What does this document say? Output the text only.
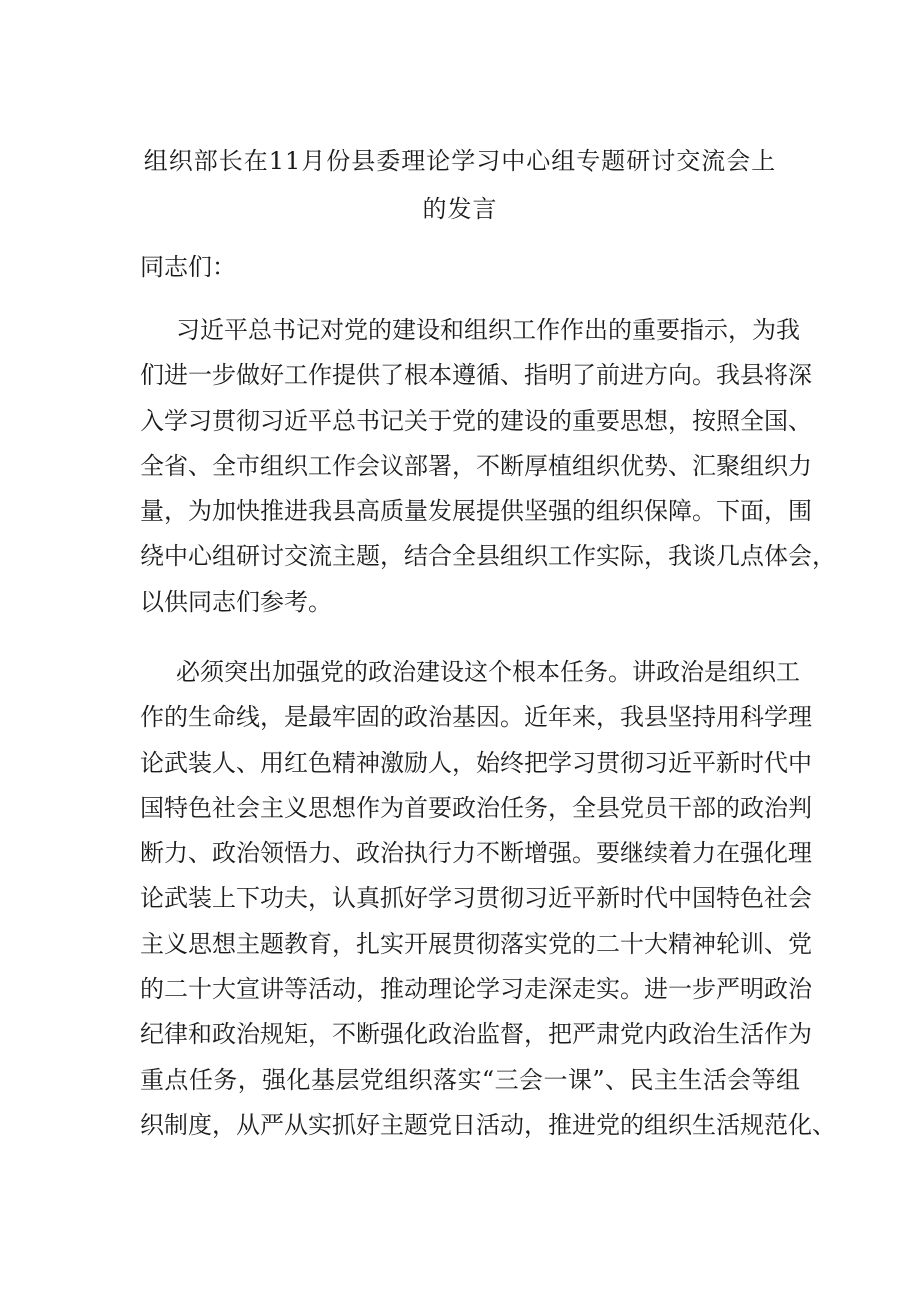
组织部长在11月份县委理论学习中心组专题研讨交流会上
的发言
同志们：
习近平总书记对党的建设和组织工作作出的重要指示，为我
们进一步做好工作提供了根本遵循、指明了前进方向。我县将深
入学习贯彻习近平总书记关于党的建设的重要思想，按照全国、
全省、全市组织工作会议部署，不断厚植组织优势、汇聚组织力
量，为加快推进我县高质量发展提供坚强的组织保障。下面，围
绕中心组研讨交流主题，结合全县组织工作实际，我谈几点体会，
以供同志们参考。
必须突出加强党的政治建设这个根本任务。讲政治是组织工
作的生命线，是最牢固的政治基因。近年来，我县坚持用科学理
论武装人、用红色精神激励人，始终把学习贯彻习近平新时代中
国特色社会主义思想作为首要政治任务，全县党员干部的政治判
断力、政治领悟力、政治执行力不断增强。要继续着力在强化理
论武装上下功夫，认真抓好学习贯彻习近平新时代中国特色社会
主义思想主题教育，扎实开展贯彻落实党的二十大精神轮训、党
的二十大宣讲等活动，推动理论学习走深走实。进一步严明政治
纪律和政治规矩，不断强化政治监督，把严肃党内政治生活作为
重点任务，强化基层党组织落实“三会一课”、民主生活会等组
织制度，从严从实抓好主题党日活动，推进党的组织生活规范化、
